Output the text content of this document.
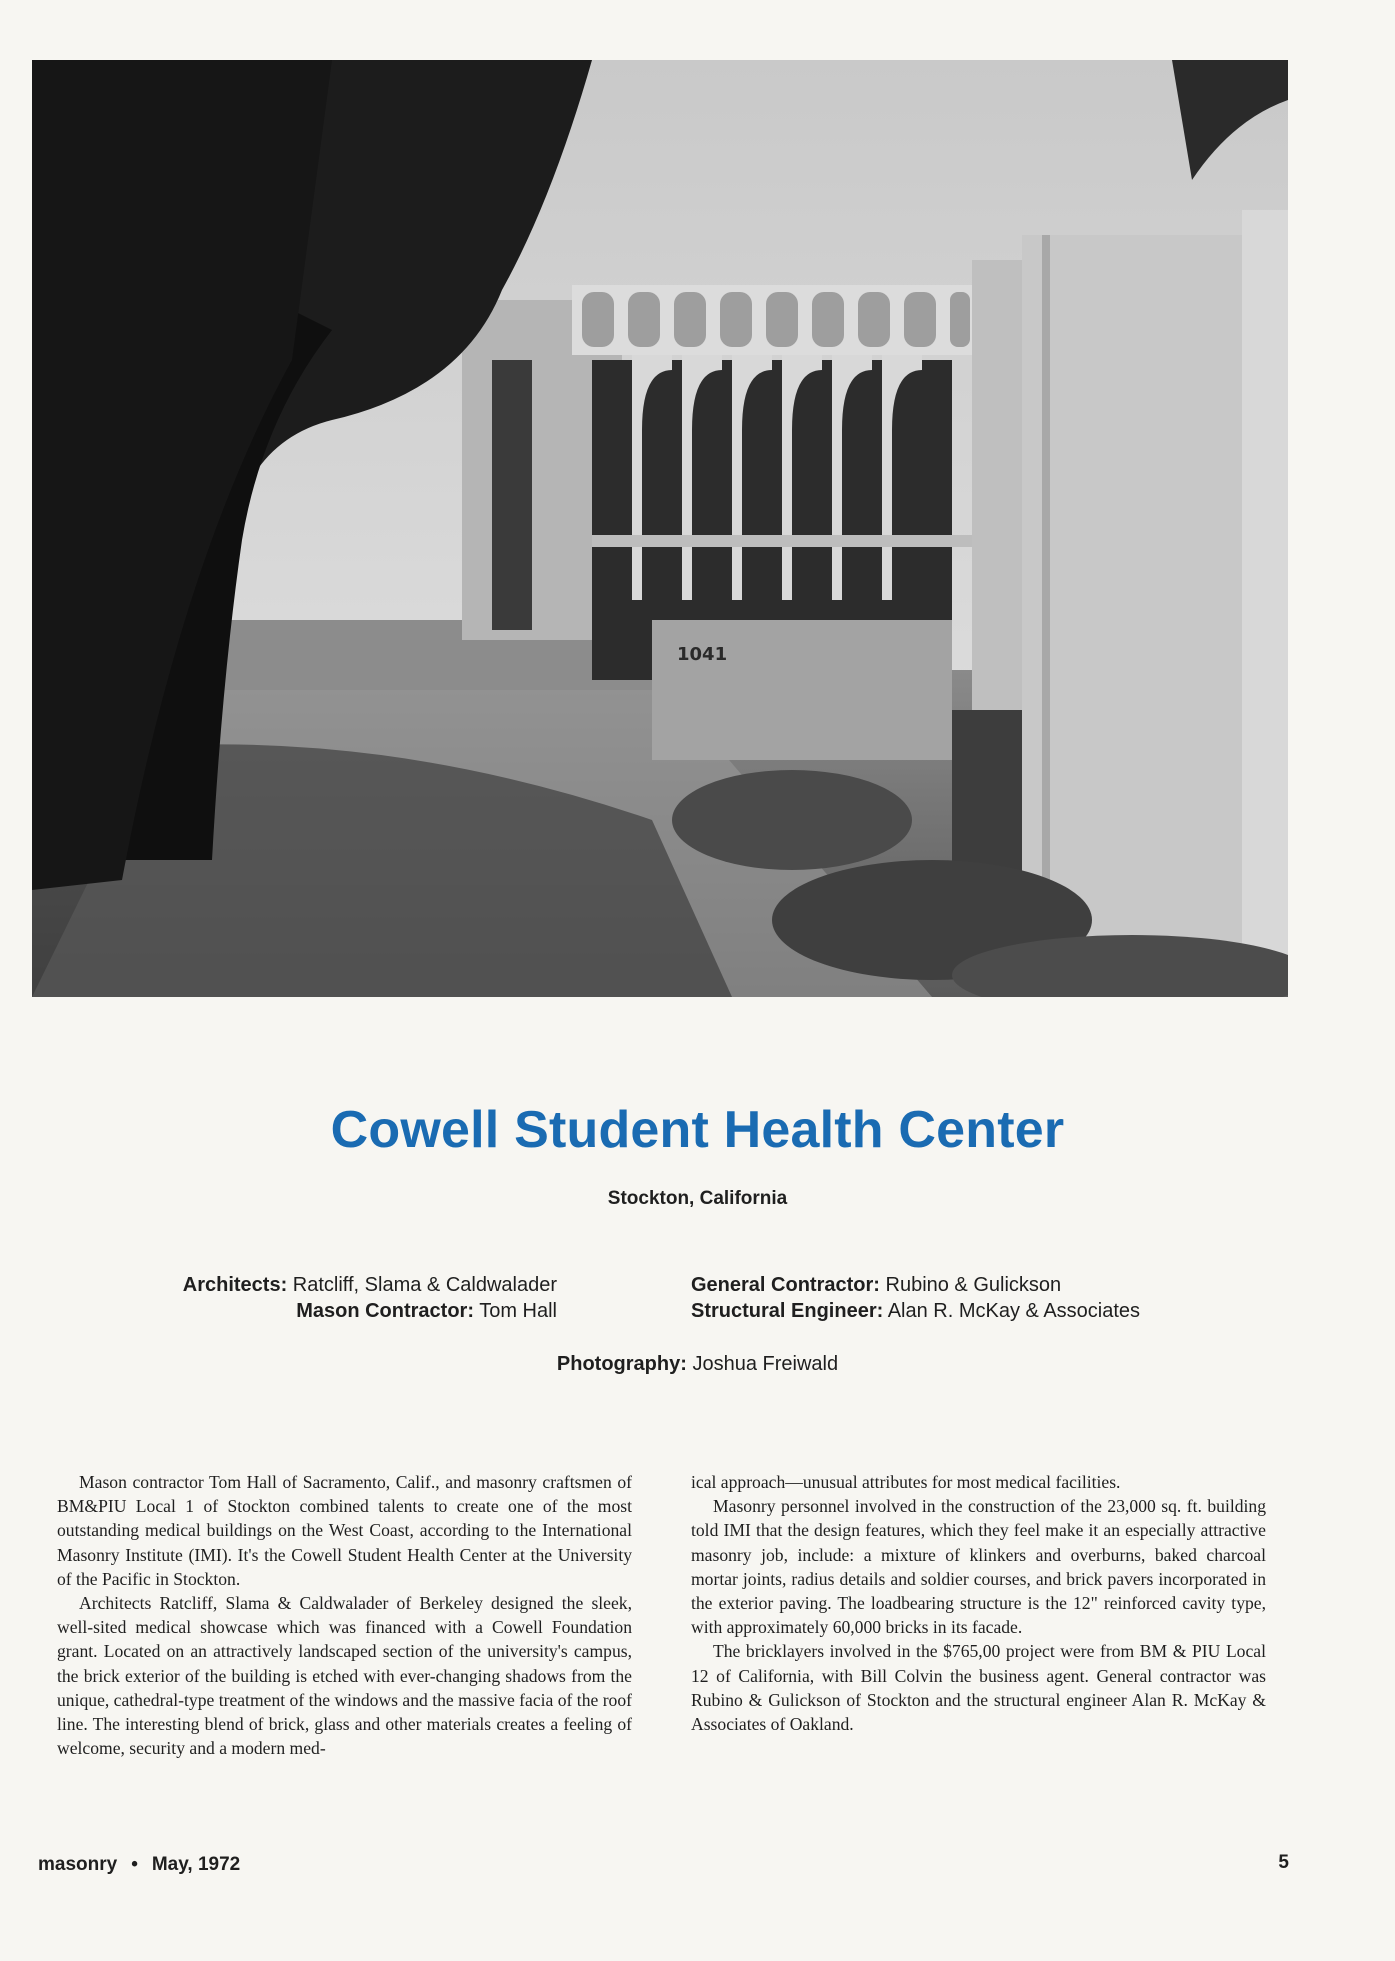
1041
Cowell Student Health Center
Stockton, California
Architects: Ratcliff, Slama & Caldwalader
Mason Contractor: Tom Hall
General Contractor: Rubino & Gulickson
Structural Engineer: Alan R. McKay & Associates
Photography: Joshua Freiwald

Mason contractor Tom Hall of Sacramento, Calif., and masonry craftsmen of BM&PIU Local 1 of Stockton combined talents to create one of the most outstanding medical buildings on the West Coast, according to the International Masonry Institute (IMI). It's the Cowell Student Health Center at the University of the Pacific in Stockton.

Architects Ratcliff, Slama & Caldwalader of Berkeley designed the sleek, well-sited medical showcase which was financed with a Cowell Foundation grant. Located on an attractively landscaped section of the university's campus, the brick exterior of the building is etched with ever-changing shadows from the unique, cathedral-type treatment of the windows and the massive facia of the roof line. The interesting blend of brick, glass and other materials creates a feeling of welcome, security and a modern med-

ical approach—unusual attributes for most medical facilities.

Masonry personnel involved in the construction of the 23,000 sq. ft. building told IMI that the design features, which they feel make it an especially attractive masonry job, include: a mixture of klinkers and overburns, baked charcoal mortar joints, radius details and soldier courses, and brick pavers incorporated in the exterior paving. The loadbearing structure is the 12" reinforced cavity type, with approximately 60,000 bricks in its facade.

The bricklayers involved in the $765,00 project were from BM & PIU Local 12 of California, with Bill Colvin the business agent. General contractor was Rubino & Gulickson of Stockton and the structural engineer Alan R. McKay & Associates of Oakland.

masonry • May, 1972	5
